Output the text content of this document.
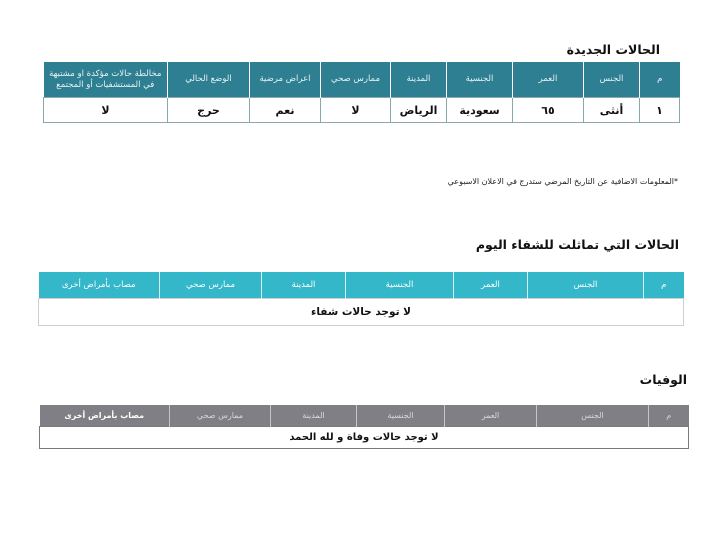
الحالات الجديدة
م	الجنس	العمر	الجنسية	المدينة	ممارس صحي	اعراض مرضية	الوضع الحالي	مخالطة حالات مؤكدة او مشتبهة في المستشفيات أو المجتمع
١	أنثى	٦٥	سعودية	الرياض	لا	نعم	حرج	لا
*المعلومات الاضافية عن التاريخ المرضي ستدرج في الاعلان الاسبوعي
الحالات التي تماثلت للشفاء اليوم
م	الجنس	العمر	الجنسية	المدينة	ممارس صحي	مصاب بأمراض أخرى
لا توجد حالات شفاء
الوفيات
م	الجنس	العمر	الجنسية	المدينة	ممارس صحي	مصاب بأمراض أخرى
لا توجد حالات وفاة و لله الحمد
